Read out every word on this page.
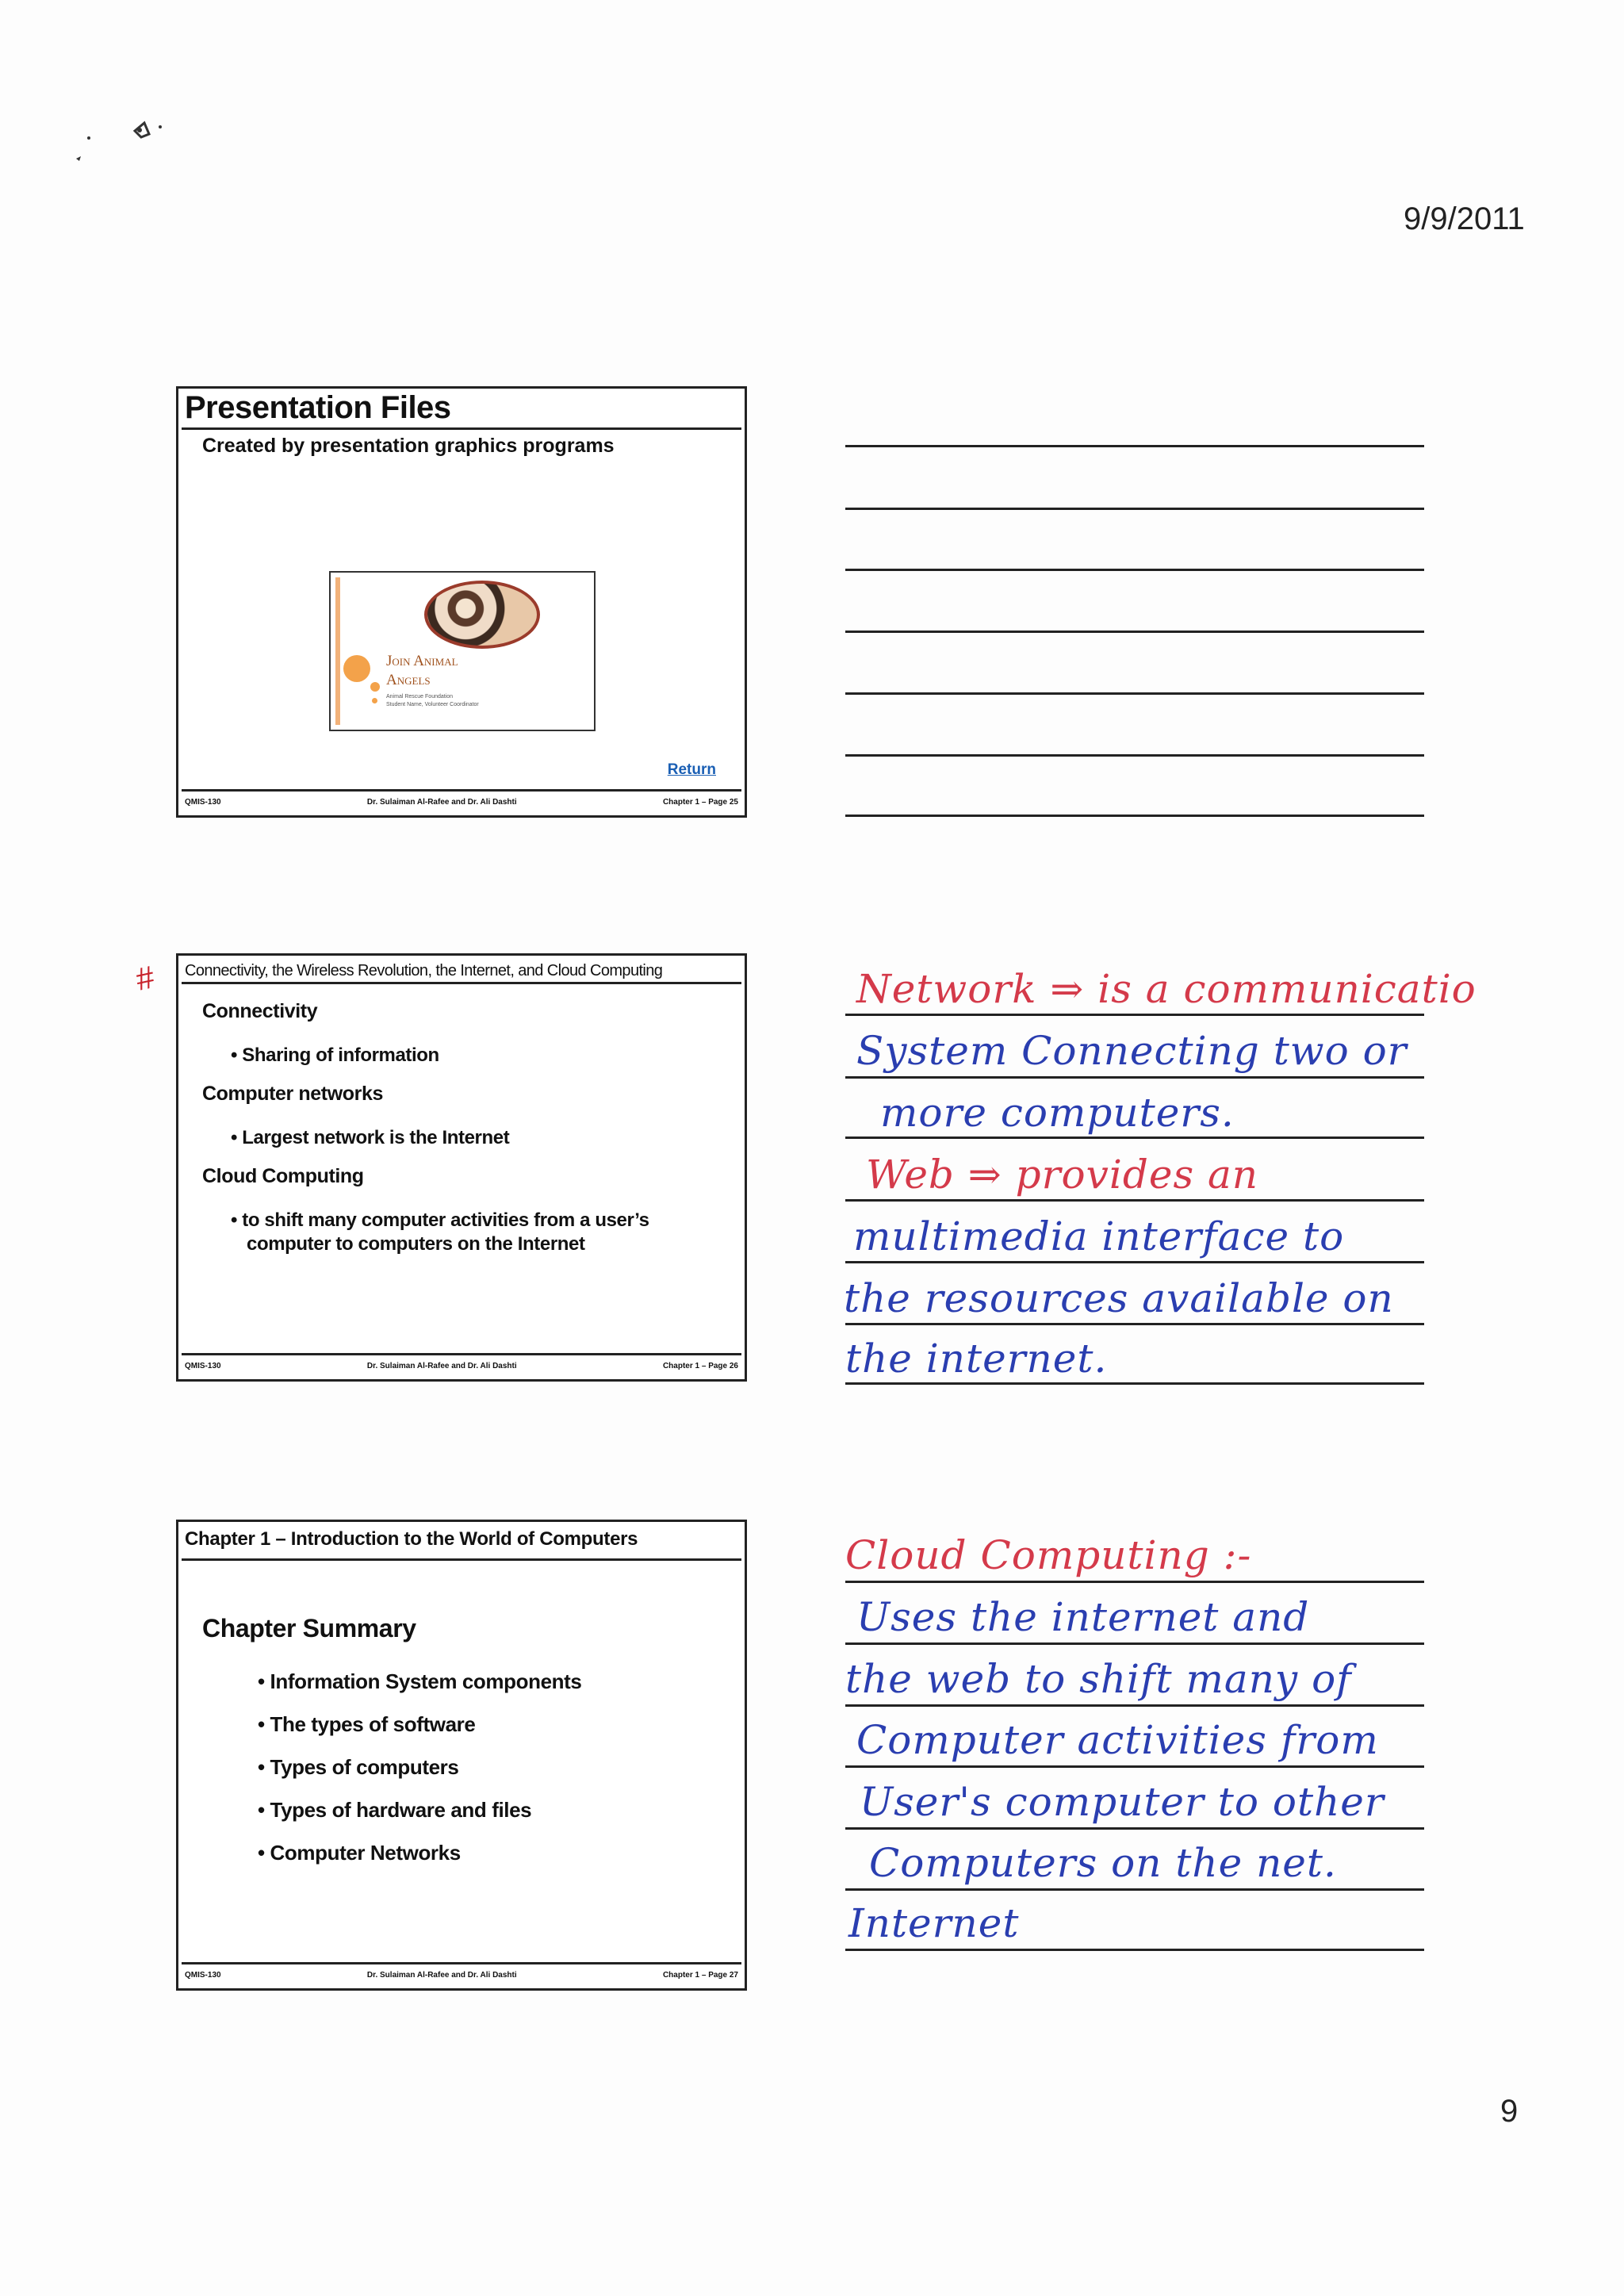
9/9/2011
9
Presentation Files
Created by presentation graphics programs
Join Animal
Angels
Animal Rescue Foundation
Student Name, Volunteer Coordinator
Return
QMIS-130	Dr. Sulaiman Al-Rafee and Dr. Ali Dashti	Chapter 1 – Page 25
# Connectivity, the Wireless Revolution, the Internet, and Cloud Computing
Connectivity
• Sharing of information
Computer networks
• Largest network is the Internet
Cloud Computing
• to shift many computer activities from a user’s
computer to computers on the Internet
QMIS-130	Dr. Sulaiman Al-Rafee and Dr. Ali Dashti	Chapter 1 – Page 26
Chapter 1 – Introduction to the World of Computers
Chapter Summary
• Information System components
• The types of software
• Types of computers
• Types of hardware and files
• Computer Networks
QMIS-130	Dr. Sulaiman Al-Rafee and Dr. Ali Dashti	Chapter 1 – Page 27
Network ⇒ is a communicatio
System Connecting two or
more computers.
Web ⇒ provides an
multimedia interface to
the resources available on
the internet.
Cloud Computing :-
Uses the internet and
the web to shift many of
Computer activities from
User's computer to other
Computers on the net.
Internet
